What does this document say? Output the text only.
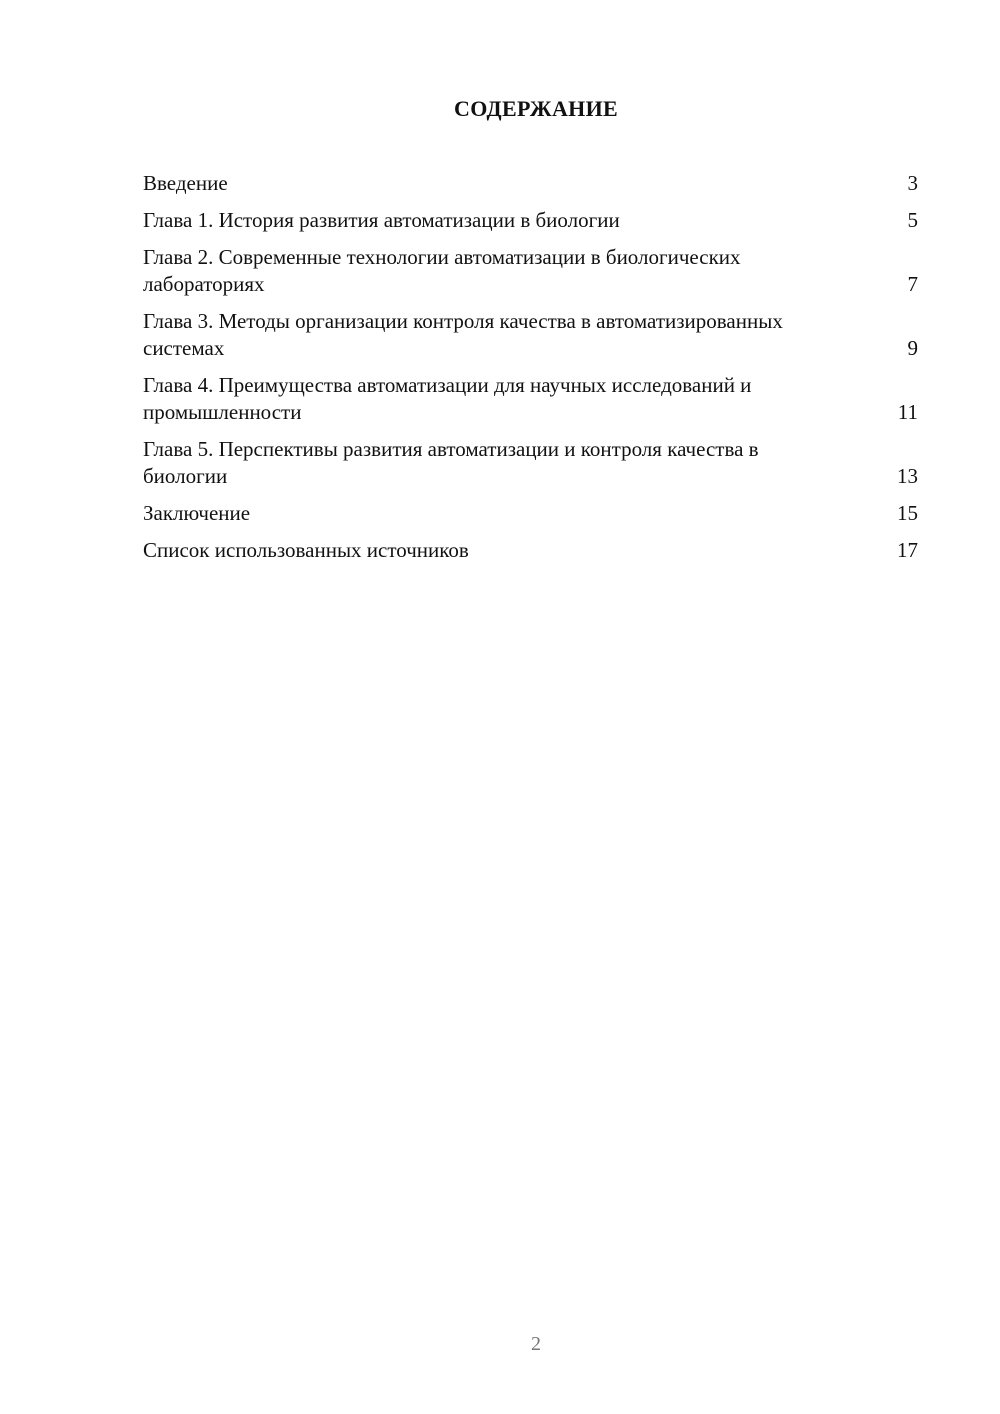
СОДЕРЖАНИЕ
Введение	3
Глава 1. История развития автоматизации в биологии	5
Глава 2. Современные технологии автоматизации в биологических лабораториях	7
Глава 3. Методы организации контроля качества в автоматизированных системах	9
Глава 4. Преимущества автоматизации для научных исследований и промышленности	11
Глава 5. Перспективы развития автоматизации и контроля качества в биологии	13
Заключение	15
Список использованных источников	17
2
